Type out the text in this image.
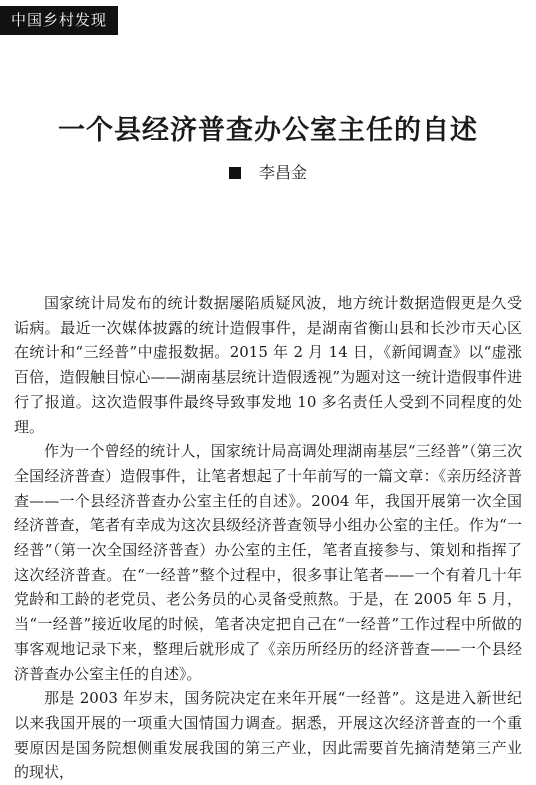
中国乡村发现
一个县经济普查办公室主任的自述
李昌金

国家统计局发布的统计数据屡陷质疑风波，地方统计数据造假更是久受诟病。最近一次媒体披露的统计造假事件，是湖南省衡山县和长沙市天心区在统计和“三经普”中虚报数据。2015 年 2 月 14 日，《新闻调查》以“虚涨百倍，造假触目惊心——湖南基层统计造假透视”为题对这一统计造假事件进行了报道。这次造假事件最终导致事发地 10 多名责任人受到不同程度的处理。

作为一个曾经的统计人，国家统计局高调处理湖南基层“三经普”（第三次全国经济普查）造假事件，让笔者想起了十年前写的一篇文章：《亲历经济普查——一个县经济普查办公室主任的自述》。2004 年，我国开展第一次全国经济普查，笔者有幸成为这次县级经济普查领导小组办公室的主任。作为“一经普”（第一次全国经济普查）办公室的主任，笔者直接参与、策划和指挥了这次经济普查。在“一经普”整个过程中，很多事让笔者——一个有着几十年党龄和工龄的老党员、老公务员的心灵备受煎熬。于是，在 2005 年 5 月，当“一经普”接近收尾的时候，笔者决定把自己在“一经普”工作过程中所做的事客观地记录下来，整理后就形成了《亲历所经历的经济普查——一个县经济普查办公室主任的自述》。

那是 2003 年岁末，国务院决定在来年开展“一经普”。这是进入新世纪以来我国开展的一项重大国情国力调查。据悉，开展这次经济普查的一个重要原因是国务院想侧重发展我国的第三产业，因此需要首先摘清楚第三产业的现状，
